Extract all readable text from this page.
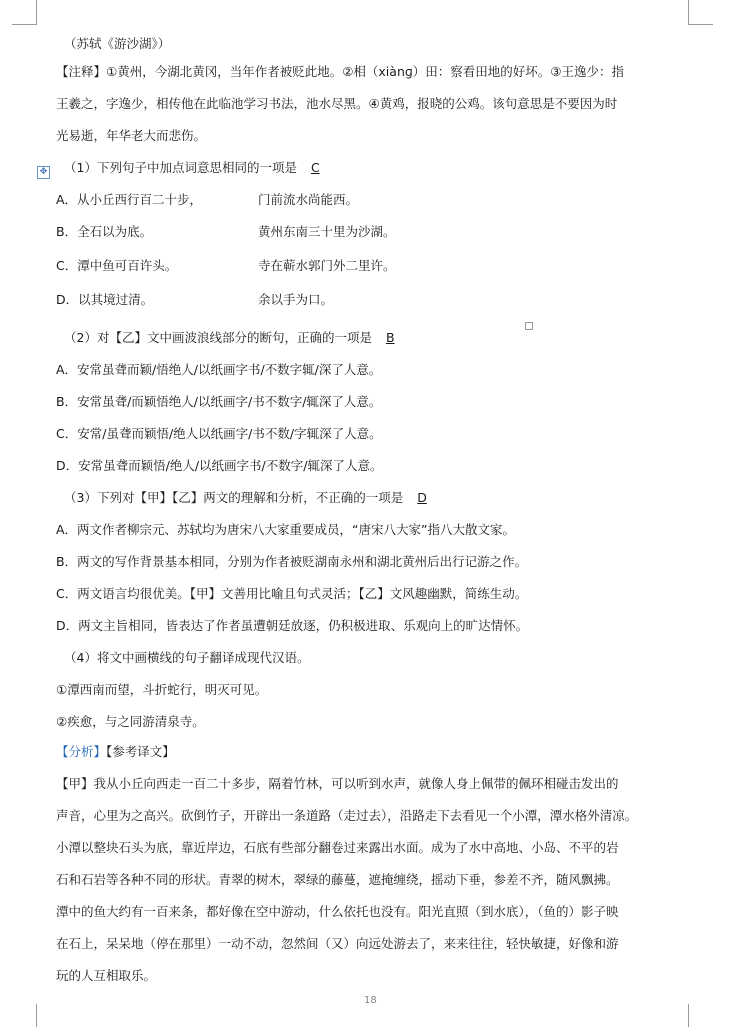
（苏轼《游沙湖》）
【注释】①黄州，今湖北黄冈，当年作者被贬此地。②相（xiànɡ）田：察看田地的好坏。③王逸少：指
王羲之，字逸少，相传他在此临池学习书法，池水尽黑。④黄鸡，报晓的公鸡。该句意思是不要因为时
光易逝，年华老大而悲伤。
✥ （1）下列句子中加点词意思相同的一项是 C
A．从小丘西行百二十步，	门前流水尚能西。
B．全石以为底。	黄州东南三十里为沙湖。
C．潭中鱼可百许头。	寺在蕲水郭门外二里许。
D．以其境过清。	余以手为口。
（2）对【乙】文中画波浪线部分的断句，正确的一项是 B
A．安常虽聋而颖/悟绝人/以纸画字书/不数字辄/深了人意。
B．安常虽聋/而颖悟绝人/以纸画字/书不数字/辄深了人意。
C．安常/虽聋而颖悟/绝人以纸画字/书不数/字辄深了人意。
D．安常虽聋而颖悟/绝人/以纸画字书/不数字/辄深了人意。
（3）下列对【甲】【乙】两文的理解和分析，不正确的一项是 D
A．两文作者柳宗元、苏轼均为唐宋八大家重要成员，“唐宋八大家”指八大散文家。
B．两文的写作背景基本相同，分别为作者被贬湖南永州和湖北黄州后出行记游之作。
C．两文语言均很优美。【甲】文善用比喻且句式灵活；【乙】文风趣幽默，简练生动。
D．两文主旨相同，皆表达了作者虽遭朝廷放逐，仍积极进取、乐观向上的旷达情怀。
（4）将文中画横线的句子翻译成现代汉语。
①潭西南而望，斗折蛇行，明灭可见。
②疾愈，与之同游清泉寺。
【分析】【参考译文】
【甲】我从小丘向西走一百二十多步，隔着竹林，可以听到水声，就像人身上佩带的佩环相碰击发出的
声音，心里为之高兴。砍倒竹子，开辟出一条道路（走过去），沿路走下去看见一个小潭，潭水格外清凉。
小潭以整块石头为底，靠近岸边，石底有些部分翻卷过来露出水面。成为了水中高地、小岛、不平的岩
石和石岩等各种不同的形状。青翠的树木，翠绿的藤蔓，遮掩缠绕，摇动下垂，参差不齐，随风飘拂。
潭中的鱼大约有一百来条，都好像在空中游动，什么依托也没有。阳光直照（到水底），（鱼的）影子映
在石上，呆呆地（停在那里）一动不动，忽然间（又）向远处游去了，来来往往，轻快敏捷，好像和游
玩的人互相取乐。
18
